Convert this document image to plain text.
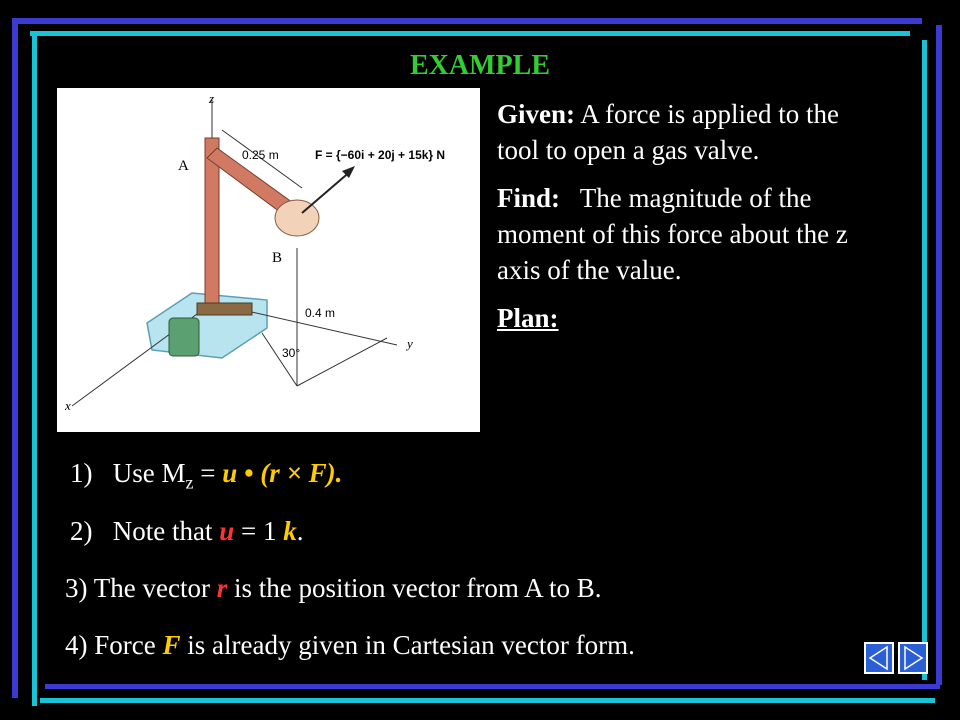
EXAMPLE
A
B
z
y
x
0.25 m
0.4 m
30°
F = {−60i + 20j + 15k} N

Given: A force is applied to the tool to open a gas valve.

Find: The magnitude of the moment of this force about the z axis of the value.

Plan:

1) Use $M_z = u$ • (r × F).
2) Note that u = 1 k.
3) The vector r is the position vector from A to B.
4) Force F is already given in Cartesian vector form.
